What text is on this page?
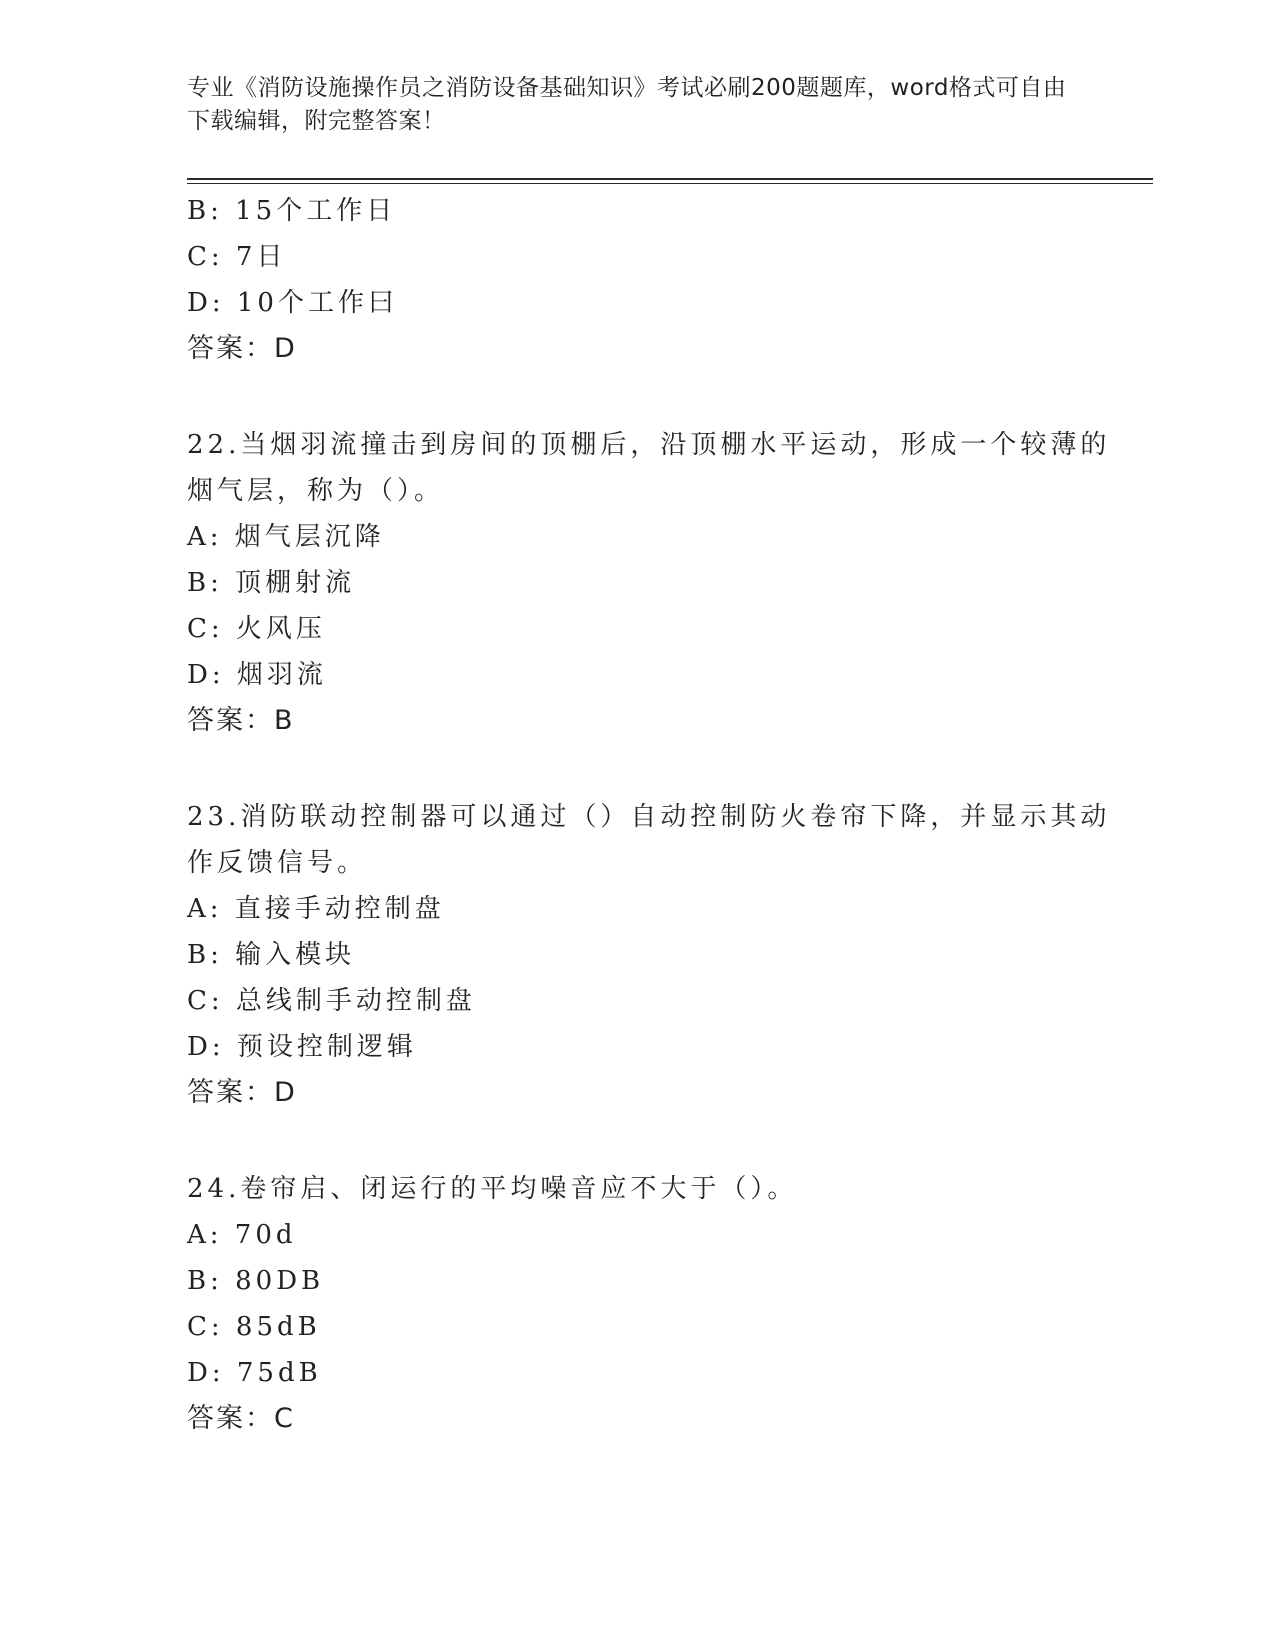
专业《消防设施操作员之消防设备基础知识》考试必刷200题题库，word格式可自由下载编辑，附完整答案！
B: 15个工作日
C: 7日
D: 10个工作曰
答案：D
22.当烟羽流撞击到房间的顶棚后，沿顶棚水平运动，形成一个较薄的
烟气层，称为（）。
A: 烟气层沉降
B: 顶棚射流
C: 火风压
D: 烟羽流
答案：B
23.消防联动控制器可以通过（）自动控制防火卷帘下降，并显示其动
作反馈信号。
A: 直接手动控制盘
B: 输入模块
C: 总线制手动控制盘
D: 预设控制逻辑
答案：D
24.卷帘启、闭运行的平均噪音应不大于（）。
A: 70d
B: 80DB
C: 85dB
D: 75dB
答案：C
